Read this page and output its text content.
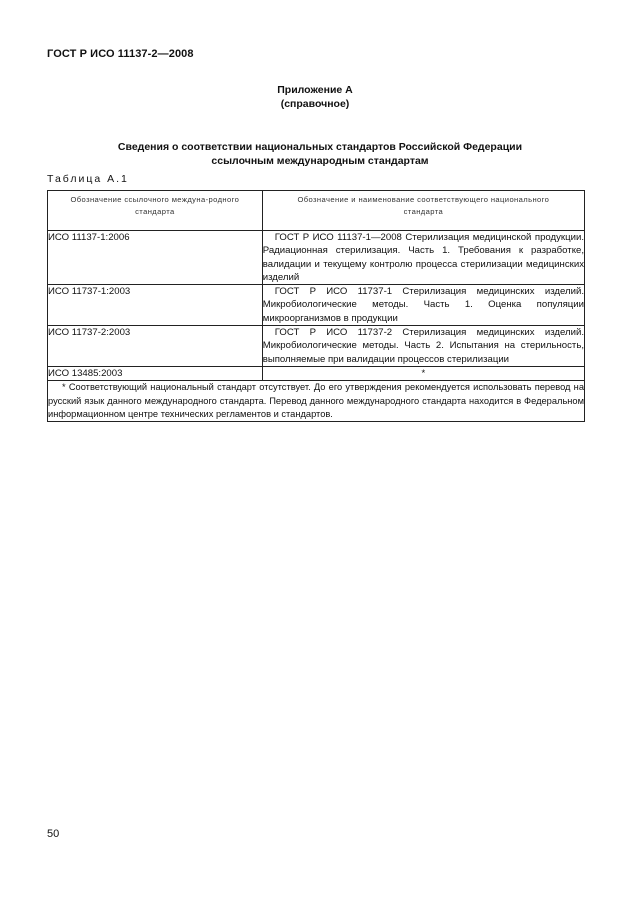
ГОСТ Р ИСО 11137-2—2008
Приложение А
(справочное)
Сведения о соответствии национальных стандартов Российской Федерации
ссылочным международным стандартам
Таблица А.1
Обозначение ссылочного междуна-родного стандарта	Обозначение и наименование соответствующего национального стандарта
ИСО 11137-1:2006	ГОСТ Р ИСО 11137-1—2008 Стерилизация медицинской продукции. Радиационная стерилизация. Часть 1. Требования к разработке, валидации и текущему контролю процесса стерилизации медицинских изделий
ИСО 11737-1:2003	ГОСТ Р ИСО 11737-1 Стерилизация медицинских изделий. Микробиологические методы. Часть 1. Оценка популяции микроорганизмов в продукции
ИСО 11737-2:2003	ГОСТ Р ИСО 11737-2 Стерилизация медицинских изделий. Микробиологические методы. Часть 2. Испытания на стерильность, выполняемые при валидации процессов стерилизации
ИСО 13485:2003	*
* Соответствующий национальный стандарт отсутствует. До его утверждения рекомендуется использовать перевод на русский язык данного международного стандарта. Перевод данного международного стандарта находится в Федеральном информационном центре технических регламентов и стандартов.	
50
